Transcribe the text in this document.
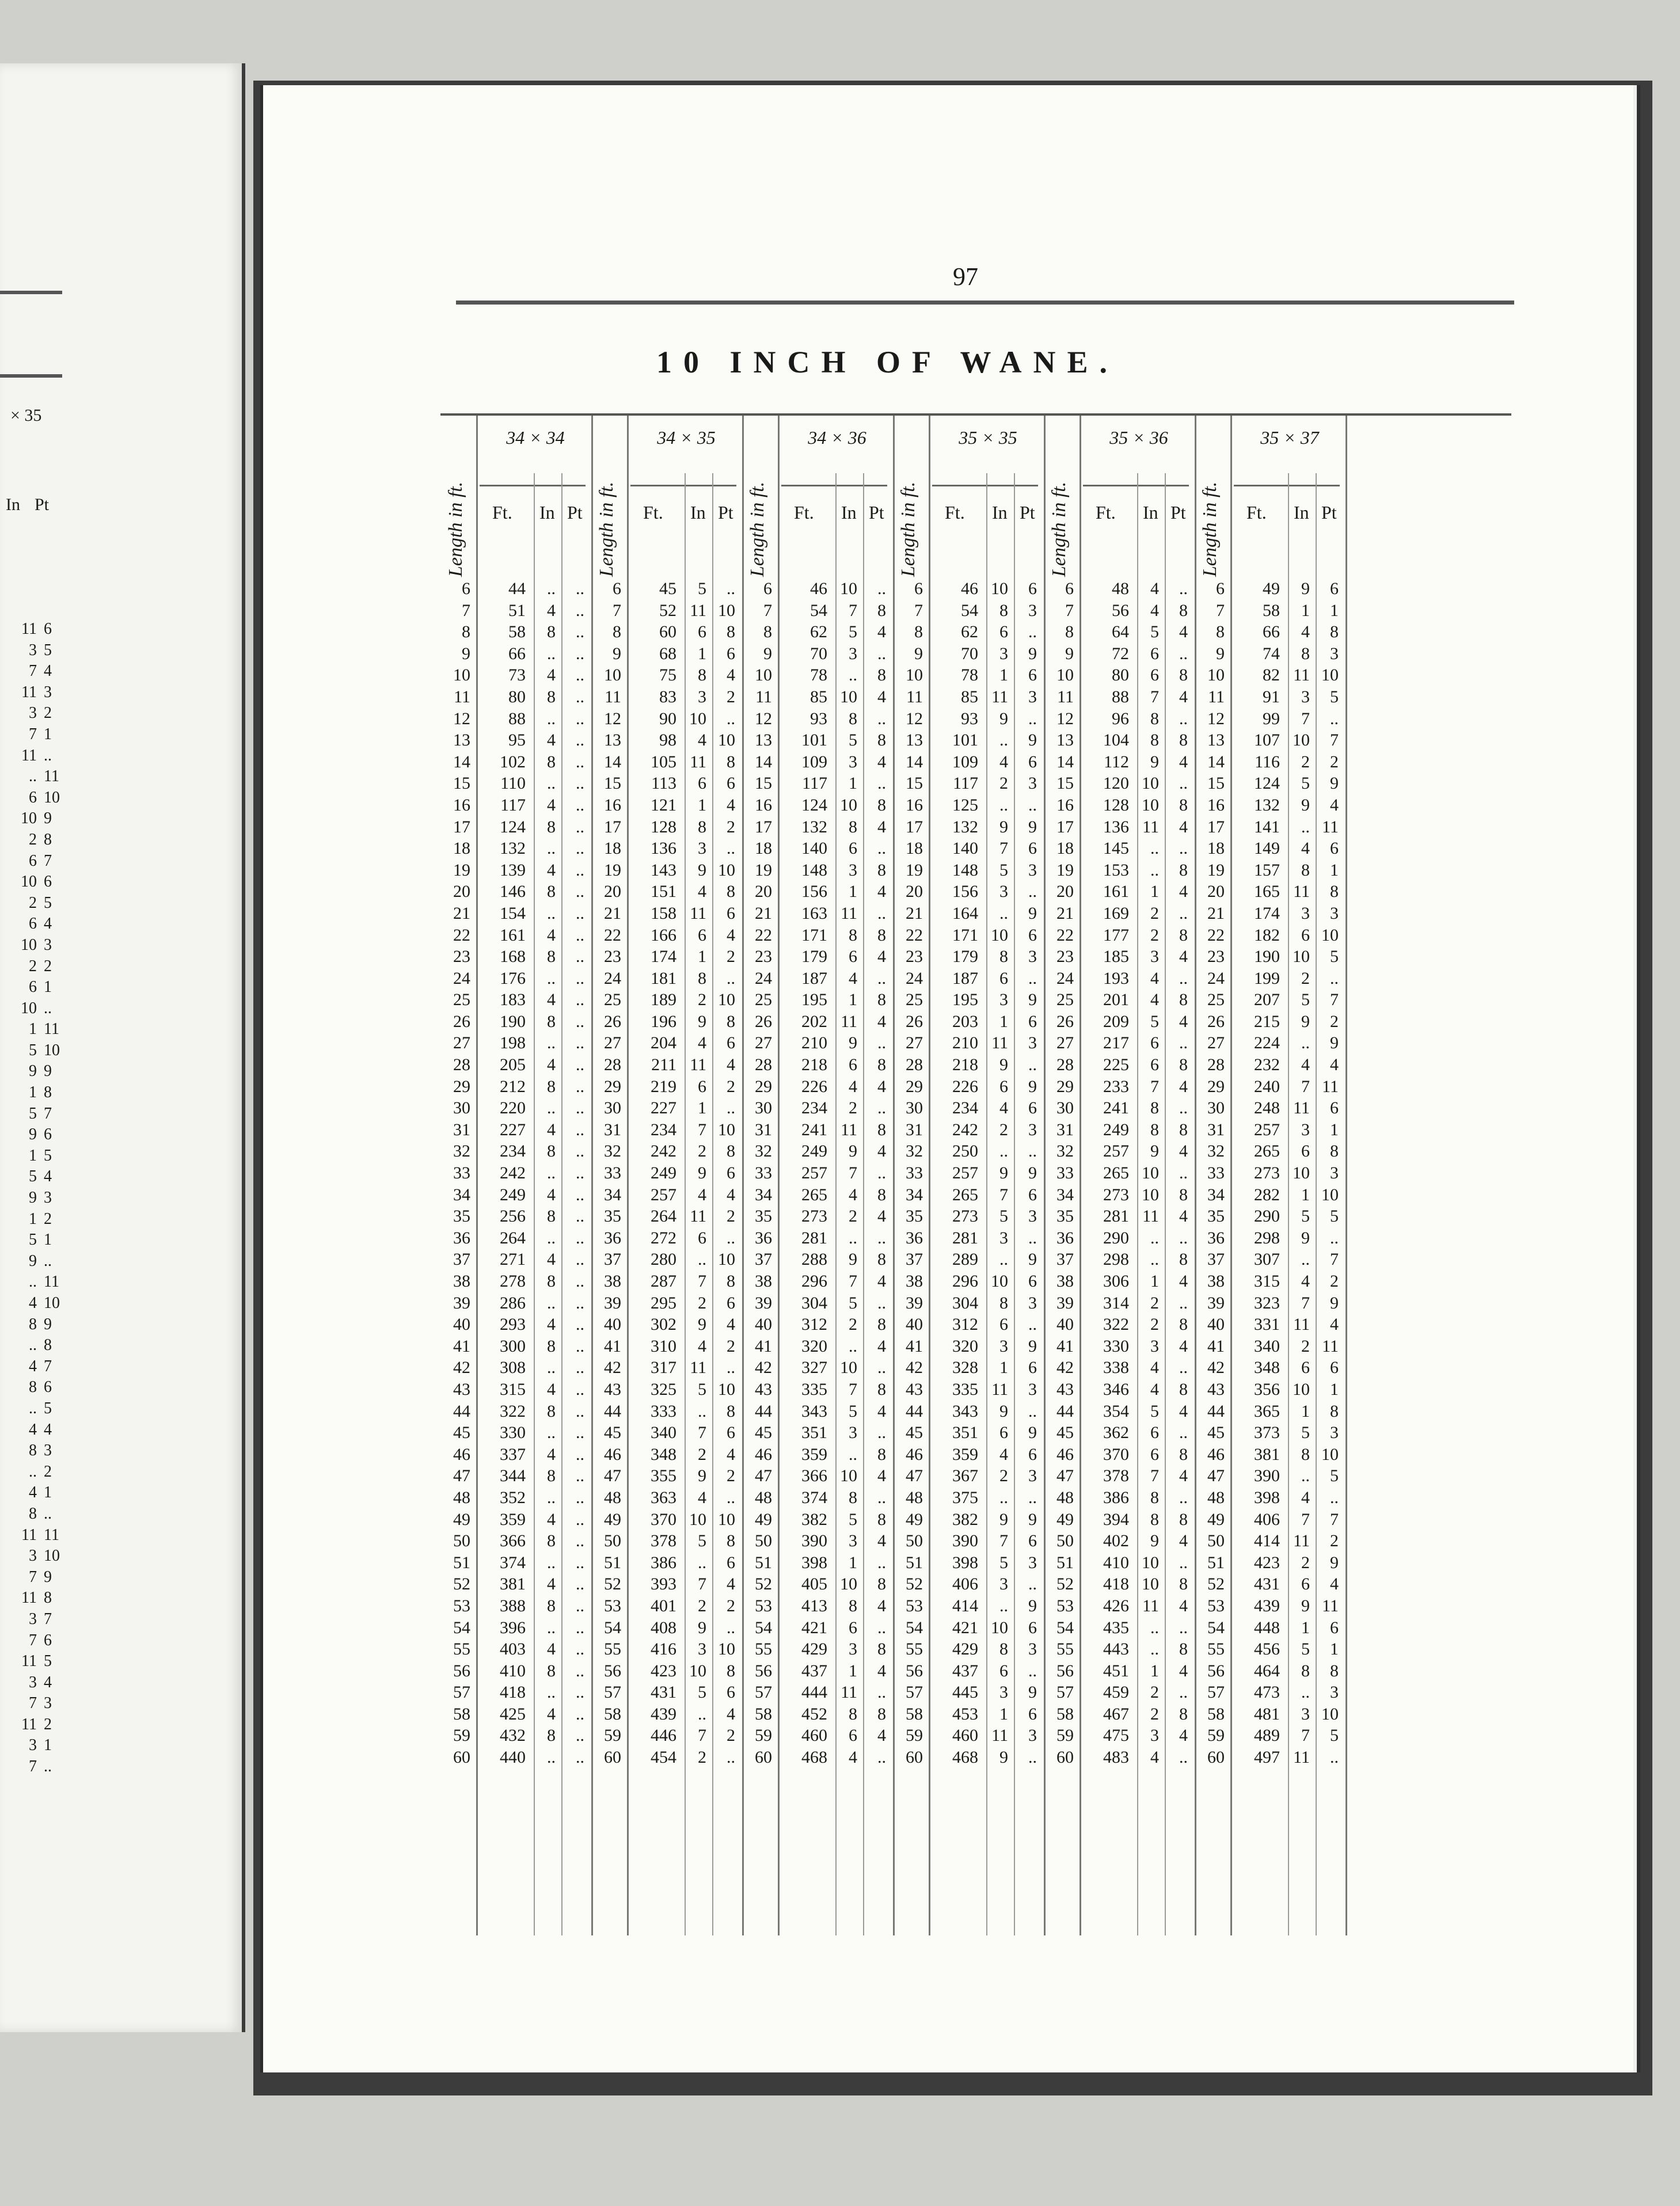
× 35
In Pt
11 6
3 5
7 4
11 3
3 2
7 1
11 ..
.. 11
6 10
10 9
2 8
6 7
10 6
2 5
6 4
10 3
2 2
6 1
10 ..
1 11
5 10
9 9
1 8
5 7
9 6
1 5
5 4
9 3
1 2
5 1
9 ..
.. 11
4 10
8 9
.. 8
4 7
8 6
.. 5
4 4
8 3
.. 2
4 1
8 ..
11 11
3 10
7 9
11 8
3 7
7 6
11 5
3 4
7 3
11 2
3 1
7 ..
97
10 INCH OF WANE.
Length in ft.
6
7
8
9
10
11
12
13
14
15
16
17
18
19
20
21
22
23
24
25
26
27
28
29
30
31
32
33
34
35
36
37
38
39
40
41
42
43
44
45
46
47
48
49
50
51
52
53
54
55
56
57
58
59
60
34 × 34
Ft. In Pt
44
51
58
66
73
80
88
95
102
110
117
124
132
139
146
154
161
168
176
183
190
198
205
212
220
227
234
242
249
256
264
271
278
286
293
300
308
315
322
330
337
344
352
359
366
374
381
388
396
403
410
418
425
432
440
..
4
8
..
4
8
..
4
8
..
4
8
..
4
8
..
4
8
..
4
8
..
4
8
..
4
8
..
4
8
..
4
8
..
4
8
..
4
8
..
4
8
..
4
8
..
4
8
..
4
8
..
4
8
..
..
..
..
..
..
..
..
..
..
..
..
..
..
..
..
..
..
..
..
..
..
..
..
..
..
..
..
..
..
..
..
..
..
..
..
..
..
..
..
..
..
..
..
..
..
..
..
..
..
..
..
..
..
..
..
Length in ft.
6
7
8
9
10
11
12
13
14
15
16
17
18
19
20
21
22
23
24
25
26
27
28
29
30
31
32
33
34
35
36
37
38
39
40
41
42
43
44
45
46
47
48
49
50
51
52
53
54
55
56
57
58
59
60
34 × 35
Ft. In Pt
45
52
60
68
75
83
90
98
105
113
121
128
136
143
151
158
166
174
181
189
196
204
211
219
227
234
242
249
257
264
272
280
287
295
302
310
317
325
333
340
348
355
363
370
378
386
393
401
408
416
423
431
439
446
454
5
11
6
1
8
3
10
4
11
6
1
8
3
9
4
11
6
1
8
2
9
4
11
6
1
7
2
9
4
11
6
..
7
2
9
4
11
5
..
7
2
9
4
10
5
..
7
2
9
3
10
5
..
7
2
..
10
8
6
4
2
..
10
8
6
4
2
..
10
8
6
4
2
..
10
8
6
4
2
..
10
8
6
4
2
..
10
8
6
4
2
..
10
8
6
4
2
..
10
8
6
4
2
..
10
8
6
4
2
..
Length in ft.
6
7
8
9
10
11
12
13
14
15
16
17
18
19
20
21
22
23
24
25
26
27
28
29
30
31
32
33
34
35
36
37
38
39
40
41
42
43
44
45
46
47
48
49
50
51
52
53
54
55
56
57
58
59
60
34 × 36
Ft. In Pt
46
54
62
70
78
85
93
101
109
117
124
132
140
148
156
163
171
179
187
195
202
210
218
226
234
241
249
257
265
273
281
288
296
304
312
320
327
335
343
351
359
366
374
382
390
398
405
413
421
429
437
444
452
460
468
10
7
5
3
..
10
8
5
3
1
10
8
6
3
1
11
8
6
4
1
11
9
6
4
2
11
9
7
4
2
..
9
7
5
2
..
10
7
5
3
..
10
8
5
3
1
10
8
6
3
1
11
8
6
4
..
8
4
..
8
4
..
8
4
..
8
4
..
8
4
..
8
4
..
8
4
..
8
4
..
8
4
..
8
4
..
8
4
..
8
4
..
8
4
..
8
4
..
8
4
..
8
4
..
8
4
..
8
4
..
Length in ft.
6
7
8
9
10
11
12
13
14
15
16
17
18
19
20
21
22
23
24
25
26
27
28
29
30
31
32
33
34
35
36
37
38
39
40
41
42
43
44
45
46
47
48
49
50
51
52
53
54
55
56
57
58
59
60
35 × 35
Ft. In Pt
46
54
62
70
78
85
93
101
109
117
125
132
140
148
156
164
171
179
187
195
203
210
218
226
234
242
250
257
265
273
281
289
296
304
312
320
328
335
343
351
359
367
375
382
390
398
406
414
421
429
437
445
453
460
468
10
8
6
3
1
11
9
..
4
2
..
9
7
5
3
..
10
8
6
3
1
11
9
6
4
2
..
9
7
5
3
..
10
8
6
3
1
11
9
6
4
2
..
9
7
5
3
..
10
8
6
3
1
11
9
6
3
..
9
6
3
..
9
6
3
..
9
6
3
..
9
6
3
..
9
6
3
..
9
6
3
..
9
6
3
..
9
6
3
..
9
6
3
..
9
6
3
..
9
6
3
..
9
6
3
..
9
6
3
..
Length in ft.
6
7
8
9
10
11
12
13
14
15
16
17
18
19
20
21
22
23
24
25
26
27
28
29
30
31
32
33
34
35
36
37
38
39
40
41
42
43
44
45
46
47
48
49
50
51
52
53
54
55
56
57
58
59
60
35 × 36
Ft. In Pt
48
56
64
72
80
88
96
104
112
120
128
136
145
153
161
169
177
185
193
201
209
217
225
233
241
249
257
265
273
281
290
298
306
314
322
330
338
346
354
362
370
378
386
394
402
410
418
426
435
443
451
459
467
475
483
4
4
5
6
6
7
8
8
9
10
10
11
..
..
1
2
2
3
4
4
5
6
6
7
8
8
9
10
10
11
..
..
1
2
2
3
4
4
5
6
6
7
8
8
9
10
10
11
..
..
1
2
2
3
4
..
8
4
..
8
4
..
8
4
..
8
4
..
8
4
..
8
4
..
8
4
..
8
4
..
8
4
..
8
4
..
8
4
..
8
4
..
8
4
..
8
4
..
8
4
..
8
4
..
8
4
..
8
4
..
Length in ft.
6
7
8
9
10
11
12
13
14
15
16
17
18
19
20
21
22
23
24
25
26
27
28
29
30
31
32
33
34
35
36
37
38
39
40
41
42
43
44
45
46
47
48
49
50
51
52
53
54
55
56
57
58
59
60
35 × 37
Ft. In Pt
49
58
66
74
82
91
99
107
116
124
132
141
149
157
165
174
182
190
199
207
215
224
232
240
248
257
265
273
282
290
298
307
315
323
331
340
348
356
365
373
381
390
398
406
414
423
431
439
448
456
464
473
481
489
497
9
1
4
8
11
3
7
10
2
5
9
..
4
8
11
3
6
10
2
5
9
..
4
7
11
3
6
10
1
5
9
..
4
7
11
2
6
10
1
5
8
..
4
7
11
2
6
9
1
5
8
..
3
7
11
6
1
8
3
10
5
..
7
2
9
4
11
6
1
8
3
10
5
..
7
2
9
4
11
6
1
8
3
10
5
..
7
2
9
4
11
6
1
8
3
10
5
..
7
2
9
4
11
6
1
8
3
10
5
..
